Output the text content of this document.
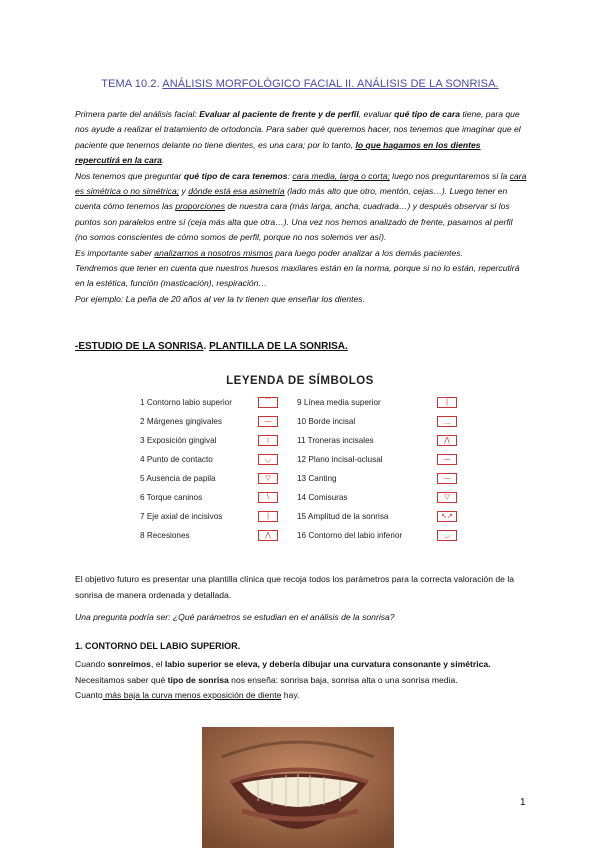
TEMA 10.2. ANÁLISIS MORFOLÓGICO FACIAL II. ANÁLISIS DE LA SONRISA.
Primera parte del análisis facial: Evaluar al paciente de frente y de perfil, evaluar qué tipo de cara tiene, para que nos ayude a realizar el tratamiento de ortodoncia. Para saber qué queremos hacer, nos tenemos que imaginar que el paciente que tenemos delante no tiene dientes, es una cara; por lo tanto, lo que hagamos en los dientes repercutirá en la cara.
Nos tenemos que preguntar qué tipo de cara tenemos: cara media, larga o corta; luego nos preguntaremos si la cara es simétrica o no simétrica; y dónde está esa asimetría (lado más alto que otro, mentón, cejas…). Luego tener en cuenta cómo tenemos las proporciones de nuestra cara (más larga, ancha, cuadrada…) y después observar si los puntos son paralelos entre sí (ceja más alta que otra…). Una vez nos hemos analizado de frente, pasamos al perfil (no somos conscientes de cómo somos de perfil, porque no nos solemos ver así).
Es importante saber analizarnos a nosotros mismos para luego poder analizar a los demás pacientes.
Tendremos que tener en cuenta que nuestros huesos maxilares están en la norma, porque si no lo están, repercutirá en la estética, función (masticación), respiración…
Por ejemplo: La peña de 20 años al ver la tv tienen que enseñar los dientes.
-ESTUDIO DE LA SONRISA. PLANTILLA DE LA SONRISA.
LEYENDA DE SÍMBOLOS
1 Contorno labio superior	⌒
2 Márgenes gingivales	—
3 Exposición gingival	↕
4 Punto de contacto	◡
5 Ausencia de papila	▽
6 Torque caninos	\
7 Eje axial de incisivos	|
8 Recesiones	⋀
9 Línea media superior	|
10 Borde incisal	﹏
11 Troneras incisales	⋀
12 Plano incisal-oclusal	—
13 Canting	—
14 Comisuras	▽
15 Amplitud de la sonrisa	↖↗
16 Contorno del labio inferior	◡
El objetivo futuro es presentar una plantilla clínica que recoja todos los parámetros para la correcta valoración de la sonrisa de manera ordenada y detallada.
Una pregunta podría ser: ¿Qué parámetros se estudian en el análisis de la sonrisa?
1. CONTORNO DEL LABIO SUPERIOR.
Cuando sonreímos, el labio superior se eleva, y debería dibujar una curvatura consonante y simétrica. Necesitamos saber qué tipo de sonrisa nos enseña: sonrisa baja, sonrisa alta o una sonrisa media.
Cuanto más baja la curva menos exposición de diente hay.
1
